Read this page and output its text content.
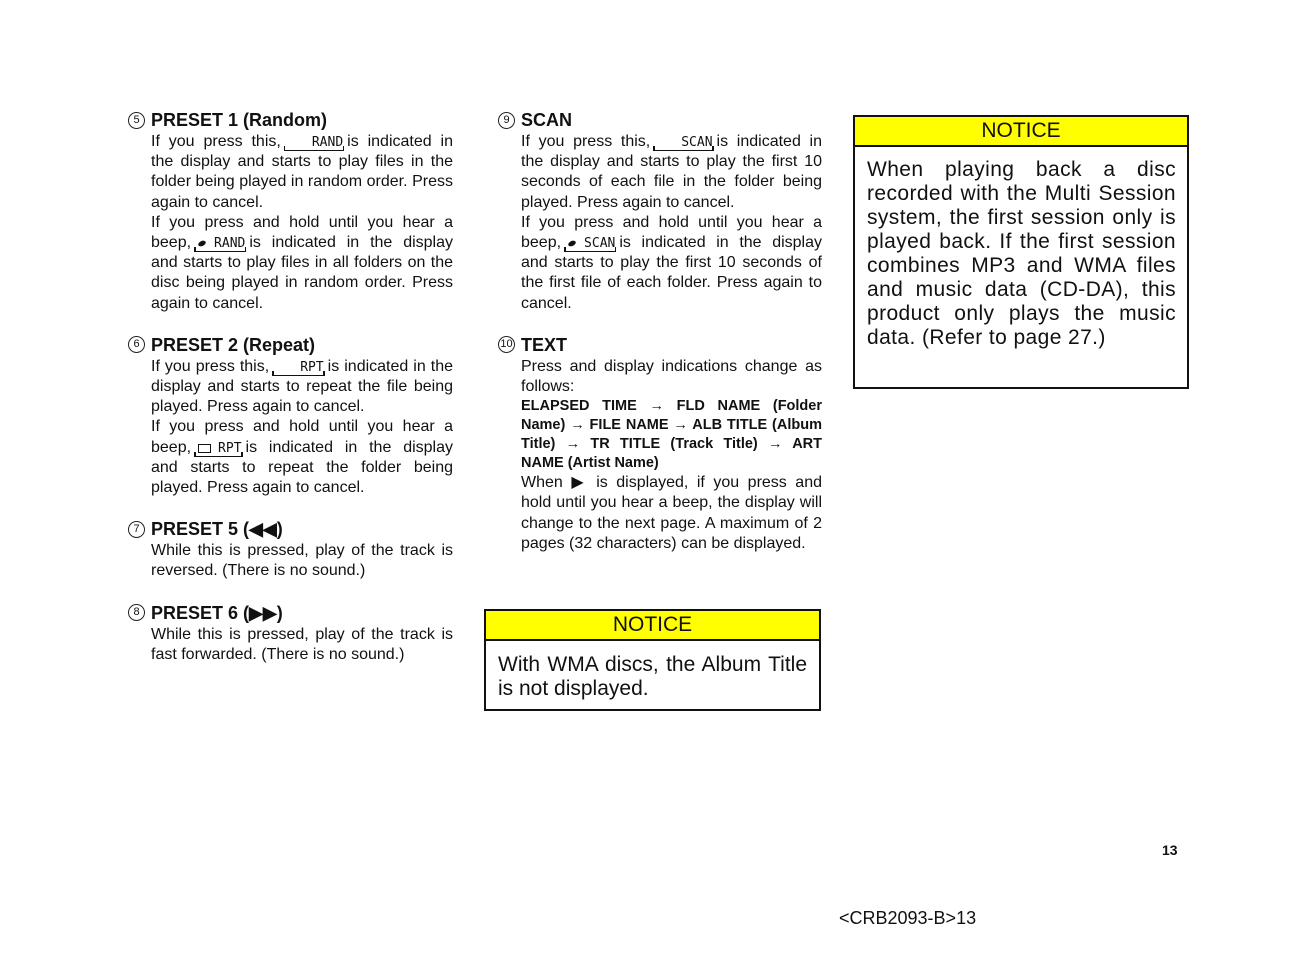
5 PRESET 1 (Random)
If you press this, RAND is indicated in the display and starts to play files in the folder being played in random order. Press again to cancel.
If you press and hold until you hear a beep, RAND is indicated in the display and starts to play files in all folders on the disc being played in random order. Press again to cancel.
6 PRESET 2 (Repeat)
If you press this, RPT is indicated in the display and starts to repeat the file being played. Press again to cancel.
If you press and hold until you hear a beep, RPT is indicated in the display and starts to repeat the folder being played. Press again to cancel.
7 PRESET 5 (◀◀)
While this is pressed, play of the track is reversed. (There is no sound.)
8 PRESET 6 (▶▶)
While this is pressed, play of the track is fast forwarded. (There is no sound.)
9 SCAN
If you press this, SCAN is indicated in the display and starts to play the first 10 seconds of each file in the folder being played. Press again to cancel.
If you press and hold until you hear a beep, SCAN is indicated in the display and starts to play the first 10 seconds of the first file of each folder. Press again to cancel.
10 TEXT
Press and display indications change as follows:
ELAPSED TIME → FLD NAME (Folder Name) → FILE NAME → ALB TITLE (Album Title) → TR TITLE (Track Title) → ART NAME (Artist Name)
When ▶ is displayed, if you press and hold until you hear a beep, the display will change to the next page. A maximum of 2 pages (32 characters) can be displayed.
NOTICE
With WMA discs, the Album Title is not displayed.
NOTICE
When playing back a disc recorded with the Multi Session system, the first session only is played back. If the first session combines MP3 and WMA files and music data (CD-DA), this product only plays the music data. (Refer to page 27.)
13
<CRB2093-B>13
